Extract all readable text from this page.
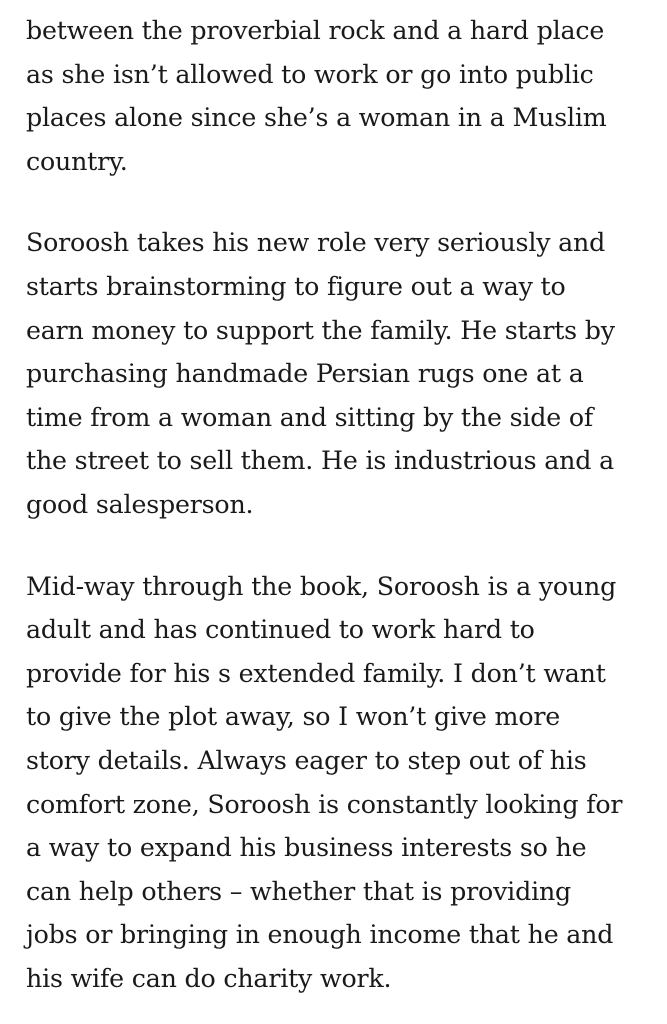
between the proverbial rock and a hard place
as she isn’t allowed to work or go into public
places alone since she’s a woman in a Muslim
country.
Soroosh takes his new role very seriously and
starts brainstorming to figure out a way to
earn money to support the family. He starts by
purchasing handmade Persian rugs one at a
time from a woman and sitting by the side of
the street to sell them. He is industrious and a
good salesperson.
Mid-way through the book, Soroosh is a young
adult and has continued to work hard to
provide for his s extended family. I don’t want
to give the plot away, so I won’t give more
story details. Always eager to step out of his
comfort zone, Soroosh is constantly looking for
a way to expand his business interests so he
can help others – whether that is providing
jobs or bringing in enough income that he and
his wife can do charity work.
